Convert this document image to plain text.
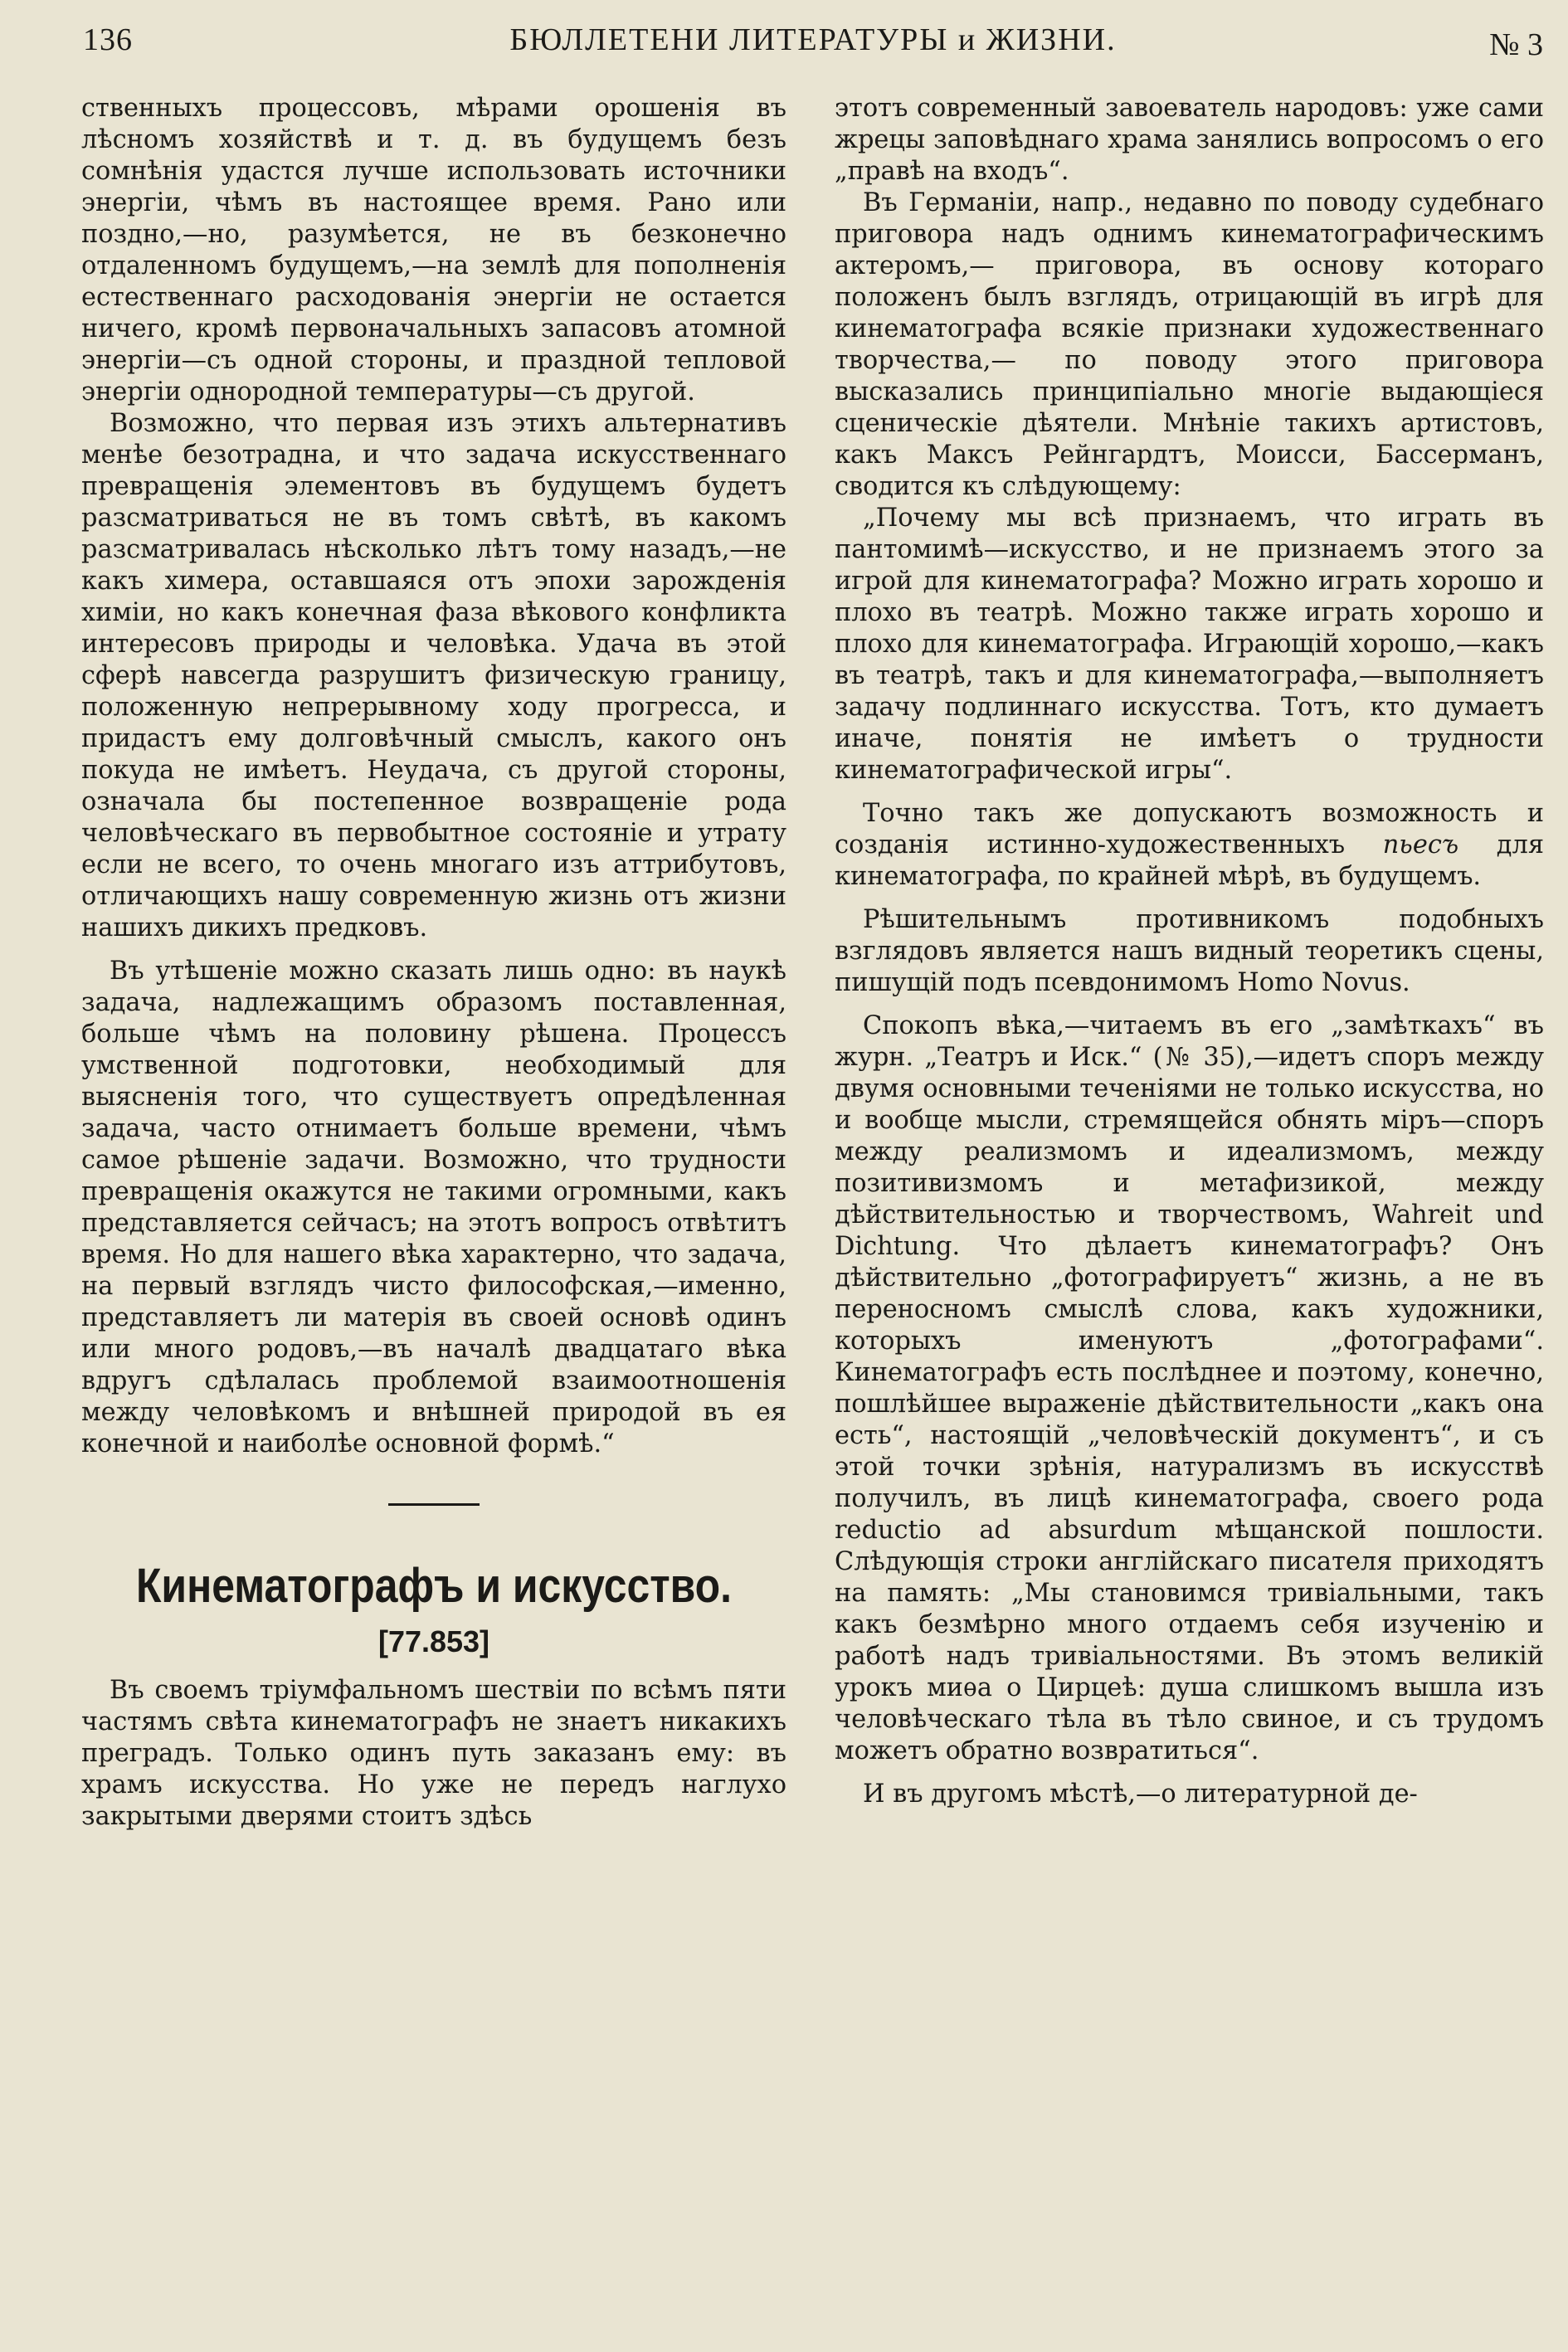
136	БЮЛЛЕТЕНИ ЛИТЕРАТУРЫ и ЖИЗНИ.	№ 3

ственныхъ процессовъ, мѣрами орошенія въ лѣсномъ хозяйствѣ и т. д. въ будущемъ безъ сомнѣнія удастся лучше использовать источники энергіи, чѣмъ въ настоящее время. Рано или поздно,—но, разумѣется, не въ безконечно отдаленномъ будущемъ,—на землѣ для пополненія естественнаго расходованія энергіи не остается ничего, кромѣ первоначальныхъ запасовъ атомной энергіи—съ одной стороны, и праздной тепловой энергіи однородной температуры—съ другой.

Возможно, что первая изъ этихъ альтернативъ менѣе безотрадна, и что задача искусственнаго превращенія элементовъ въ будущемъ будетъ разсматриваться не въ томъ свѣтѣ, въ какомъ разсматривалась нѣсколько лѣтъ тому назадъ,—не какъ химера, оставшаяся отъ эпохи зарожденія химіи, но какъ конечная фаза вѣкового конфликта интересовъ природы и человѣка. Удача въ этой сферѣ навсегда разрушитъ физическую границу, положенную непрерывному ходу прогресса, и придастъ ему долговѣчный смыслъ, какого онъ покуда не имѣетъ. Неудача, съ другой стороны, означала бы постепенное возвращеніе рода человѣческаго въ первобытное состояніе и утрату если не всего, то очень многаго изъ аттрибутовъ, отличающихъ нашу современную жизнь отъ жизни нашихъ дикихъ предковъ.

Въ утѣшеніе можно сказать лишь одно: въ наукѣ задача, надлежащимъ образомъ поставленная, больше чѣмъ на половину рѣшена. Процессъ умственной подготовки, необходимый для выясненія того, что существуетъ опредѣленная задача, часто отнимаетъ больше времени, чѣмъ самое рѣшеніе задачи. Возможно, что трудности превращенія окажутся не такими огромными, какъ представляется сейчасъ; на этотъ вопросъ отвѣтитъ время. Но для нашего вѣка характерно, что задача, на первый взглядъ чисто философская,—именно, представляетъ ли матерія въ своей основѣ одинъ или много родовъ,—въ началѣ двадцатаго вѣка вдругъ сдѣлалась проблемой взаимоотношенія между человѣкомъ и внѣшней природой въ ея конечной и наиболѣе основной формѣ.“

Кинематографъ и искусство.
[77.853]

Въ своемъ тріумфальномъ шествіи по всѣмъ пяти частямъ свѣта кинематографъ не знаетъ никакихъ преградъ. Только одинъ путь заказанъ ему: въ храмъ искусства. Но уже не передъ наглухо закрытыми дверями стоитъ здѣсь

этотъ современный завоеватель народовъ: уже сами жрецы заповѣднаго храма занялись вопросомъ о его „правѣ на входъ“.

Въ Германіи, напр., недавно по поводу судебнаго приговора надъ однимъ кинематографическимъ актеромъ,— приговора, въ основу котораго положенъ былъ взглядъ, отрицающій въ игрѣ для кинематографа всякіе признаки художественнаго творчества,— по поводу этого приговора высказались принципіально многіе выдающіеся сценическіе дѣятели. Мнѣніе такихъ артистовъ, какъ Максъ Рейнгардтъ, Моисси, Бассерманъ, сводится къ слѣдующему:

„Почему мы всѣ признаемъ, что играть въ пантомимѣ—искусство, и не признаемъ этого за игрой для кинематографа? Можно играть хорошо и плохо въ театрѣ. Можно также играть хорошо и плохо для кинематографа. Играющій хорошо,—какъ въ театрѣ, такъ и для кинематографа,—выполняетъ задачу подлиннаго искусства. Тотъ, кто думаетъ иначе, понятія не имѣетъ о трудности кинематографической игры“.

Точно такъ же допускаютъ возможность и созданія истинно-художественныхъ пьесъ для кинематографа, по крайней мѣрѣ, въ будущемъ.

Рѣшительнымъ противникомъ подобныхъ взглядовъ является нашъ видный теоретикъ сцены, пишущій подъ псевдонимомъ Homo Novus.

Спокопъ вѣка,—читаемъ въ его „замѣткахъ“ въ журн. „Театръ и Иск.“ (№ 35),—идетъ споръ между двумя основными теченіями не только искусства, но и вообще мысли, стремящейся обнять міръ—споръ между реализмомъ и идеализмомъ, между позитивизмомъ и метафизикой, между дѣйствительностью и творчествомъ, Wahreit und Dichtung. Что дѣлаетъ кинематографъ? Онъ дѣйствительно „фотографируетъ“ жизнь, а не въ переносномъ смыслѣ слова, какъ художники, которыхъ именуютъ „фотографами“. Кинематографъ есть послѣднее и поэтому, конечно, пошлѣйшее выраженіе дѣйствительности „какъ она есть“, настоящій „человѣческій документъ“, и съ этой точки зрѣнія, натурализмъ въ искусствѣ получилъ, въ лицѣ кинематографа, своего рода reductio ad absurdum мѣщанской пошлости. Слѣдующія строки англійскаго писателя приходятъ на память: „Мы становимся тривіальными, такъ какъ безмѣрно много отдаемъ себя изученію и работѣ надъ тривіальностями. Въ этомъ великій урокъ миѳа о Цирцеѣ: душа слишкомъ вышла изъ человѣческаго тѣла въ тѣло свиное, и съ трудомъ можетъ обратно возвратиться“.

И въ другомъ мѣстѣ,—о литературной де-
